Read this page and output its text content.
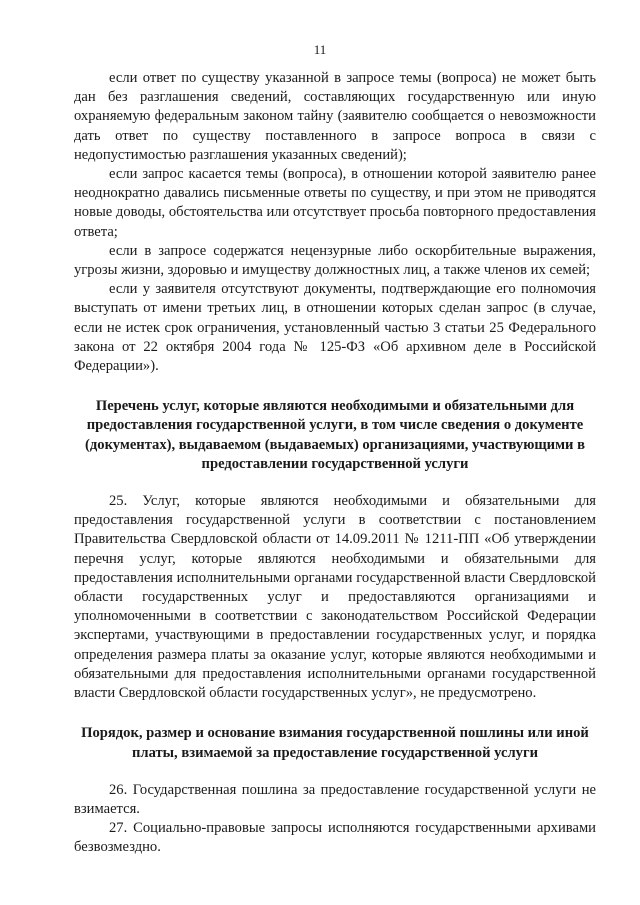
11

если ответ по существу указанной в запросе темы (вопроса) не может быть дан без разглашения сведений, составляющих государственную или иную охраняемую федеральным законом тайну (заявителю сообщается о невозможности дать ответ по существу поставленного в запросе вопроса в связи с недопустимостью разглашения указанных сведений);

если запрос касается темы (вопроса), в отношении которой заявителю ранее неоднократно давались письменные ответы по существу, и при этом не приводятся новые доводы, обстоятельства или отсутствует просьба повторного предоставления ответа;

если в запросе содержатся нецензурные либо оскорбительные выражения, угрозы жизни, здоровью и имуществу должностных лиц, а также членов их семей;

если у заявителя отсутствуют документы, подтверждающие его полномочия выступать от имени третьих лиц, в отношении которых сделан запрос (в случае, если не истек срок ограничения, установленный частью 3 статьи 25 Федерального закона от 22 октября 2004 года № 125-ФЗ «Об архивном деле в Российской Федерации»).

Перечень услуг, которые являются необходимыми и обязательными для предоставления государственной услуги, в том числе сведения о документе (документах), выдаваемом (выдаваемых) организациями, участвующими в предоставлении государственной услуги

25. Услуг, которые являются необходимыми и обязательными для предоставления государственной услуги в соответствии с постановлением Правительства Свердловской области от 14.09.2011 № 1211-ПП «Об утверждении перечня услуг, которые являются необходимыми и обязательными для предоставления исполнительными органами государственной власти Свердловской области государственных услуг и предоставляются организациями и уполномоченными в соответствии с законодательством Российской Федерации экспертами, участвующими в предоставлении государственных услуг, и порядка определения размера платы за оказание услуг, которые являются необходимыми и обязательными для предоставления исполнительными органами государственной власти Свердловской области государственных услуг», не предусмотрено.

Порядок, размер и основание взимания государственной пошлины или иной платы, взимаемой за предоставление государственной услуги

26. Государственная пошлина за предоставление государственной услуги не взимается.

27. Социально-правовые запросы исполняются государственными архивами безвозмездно.
